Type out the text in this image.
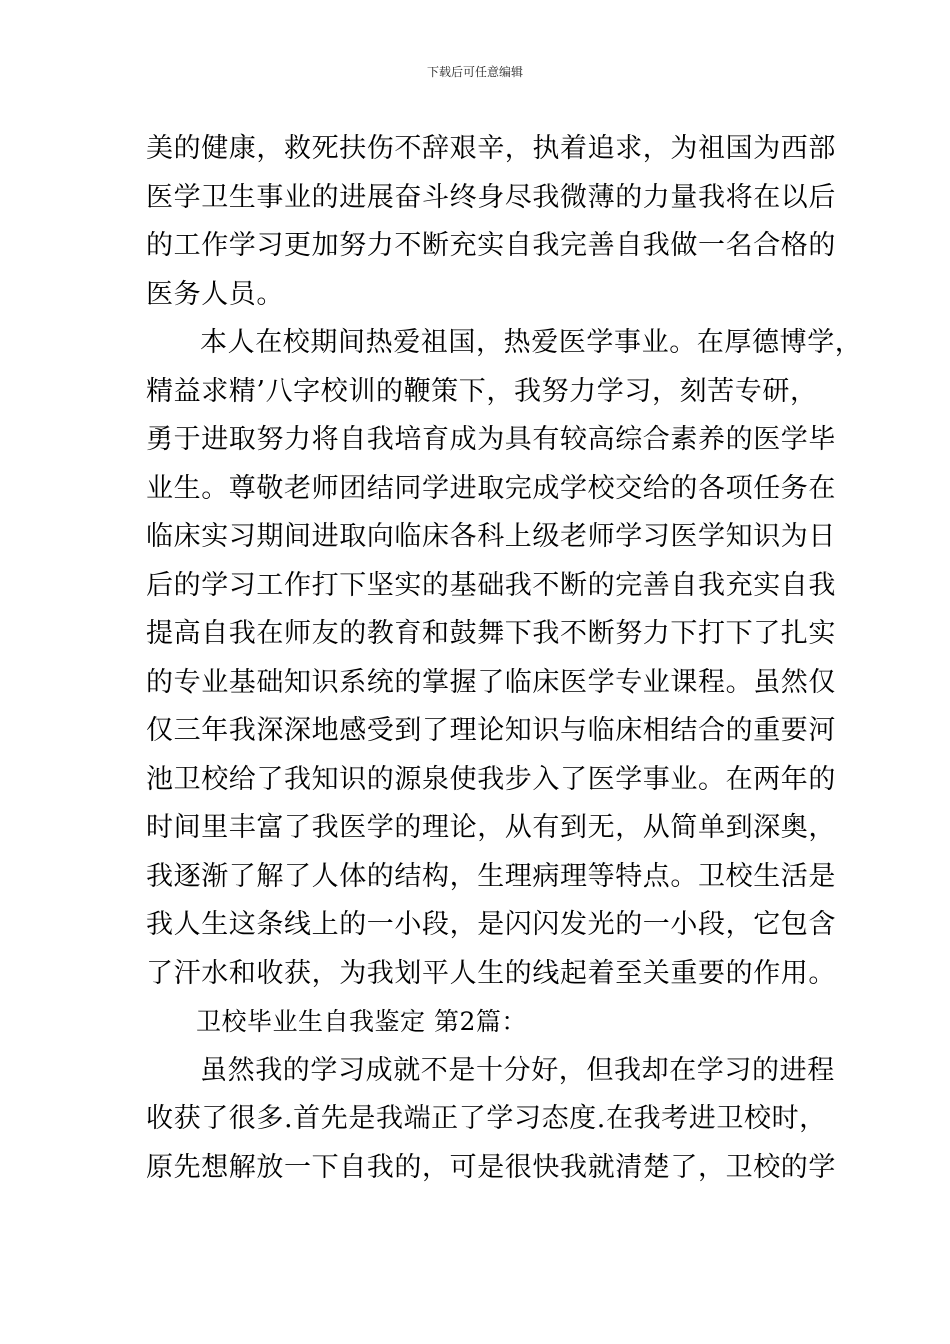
下载后可任意编辑
美的健康，救死扶伤不辞艰辛，执着追求，为祖国为西部
医学卫生事业的进展奋斗终身尽我微薄的力量我将在以后
的工作学习更加努力不断充实自我完善自我做一名合格的
医务人员。
本人在校期间热爱祖国，热爱医学事业。在厚德博学，
精益求精’八字校训的鞭策下，我努力学习，刻苦专研，
勇于进取努力将自我培育成为具有较高综合素养的医学毕
业生。尊敬老师团结同学进取完成学校交给的各项任务在
临床实习期间进取向临床各科上级老师学习医学知识为日
后的学习工作打下坚实的基础我不断的完善自我充实自我
提高自我在师友的教育和鼓舞下我不断努力下打下了扎实
的专业基础知识系统的掌握了临床医学专业课程。虽然仅
仅三年我深深地感受到了理论知识与临床相结合的重要河
池卫校给了我知识的源泉使我步入了医学事业。在两年的
时间里丰富了我医学的理论，从有到无，从简单到深奥，
我逐渐了解了人体的结构，生理病理等特点。卫校生活是
我人生这条线上的一小段，是闪闪发光的一小段，它包含
了汗水和收获，为我划平人生的线起着至关重要的作用。
卫校毕业生自我鉴定 第2篇：
虽然我的学习成就不是十分好，但我却在学习的进程
收获了很多.首先是我端正了学习态度.在我考进卫校时，
原先想解放一下自我的，可是很快我就清楚了，卫校的学
